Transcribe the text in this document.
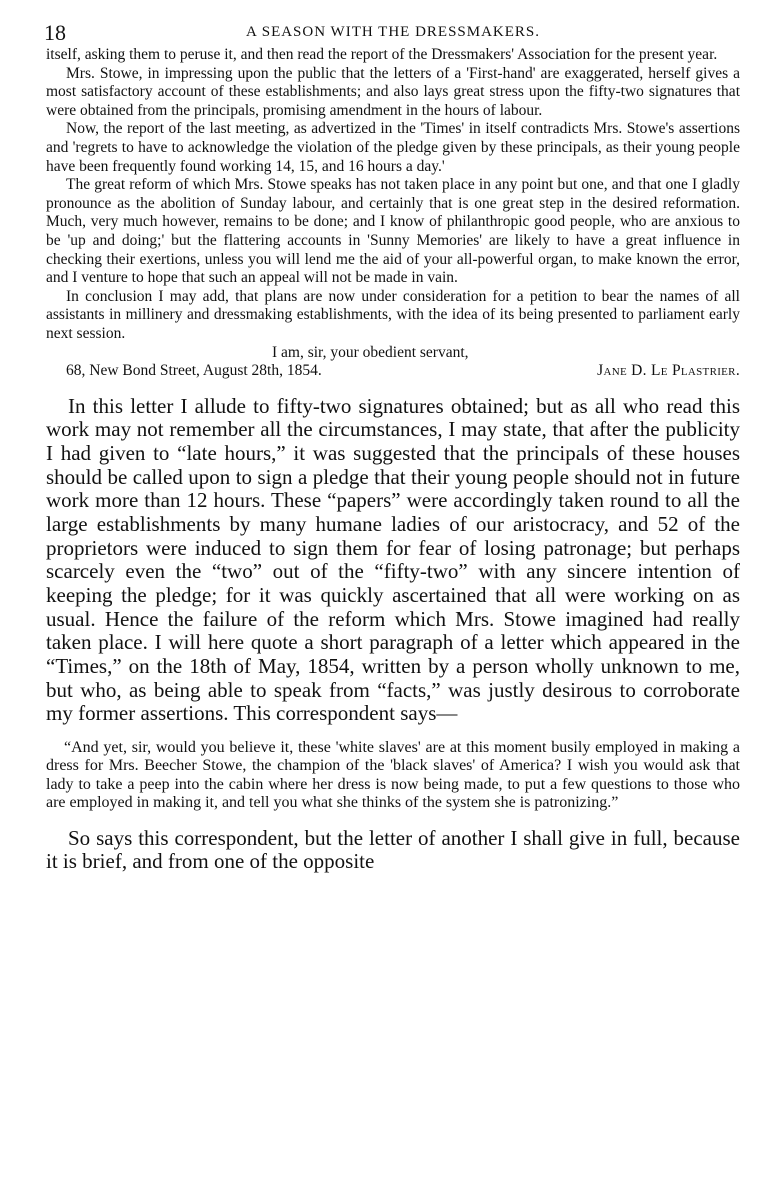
18	A SEASON WITH THE DRESSMAKERS.

itself, asking them to peruse it, and then read the report of the Dressmakers' Association for the present year.

Mrs. Stowe, in impressing upon the public that the letters of a 'First-hand' are exaggerated, herself gives a most satisfactory account of these establishments; and also lays great stress upon the fifty-two signatures that were obtained from the principals, promising amendment in the hours of labour.

Now, the report of the last meeting, as advertized in the 'Times' in itself contradicts Mrs. Stowe's assertions and 'regrets to have to acknowledge the violation of the pledge given by these principals, as their young people have been frequently found working 14, 15, and 16 hours a day.'

The great reform of which Mrs. Stowe speaks has not taken place in any point but one, and that one I gladly pronounce as the abolition of Sunday labour, and certainly that is one great step in the desired reformation. Much, very much however, remains to be done; and I know of philanthropic good people, who are anxious to be 'up and doing;' but the flattering accounts in 'Sunny Memories' are likely to have a great influence in checking their exertions, unless you will lend me the aid of your all-powerful organ, to make known the error, and I venture to hope that such an appeal will not be made in vain.

In conclusion I may add, that plans are now under consideration for a petition to bear the names of all assistants in millinery and dressmaking establishments, with the idea of its being presented to parliament early next session.

I am, sir, your obedient servant,
68, New Bond Street, August 28th, 1854.	Jane D. Le Plastrier.

In this letter I allude to fifty-two signatures obtained; but as all who read this work may not remember all the circumstances, I may state, that after the publicity I had given to “late hours,” it was suggested that the principals of these houses should be called upon to sign a pledge that their young people should not in future work more than 12 hours. These “papers” were accordingly taken round to all the large establishments by many humane ladies of our aristocracy, and 52 of the proprietors were induced to sign them for fear of losing patronage; but perhaps scarcely even the “two” out of the “fifty-two” with any sincere intention of keeping the pledge; for it was quickly ascertained that all were working on as usual. Hence the failure of the reform which Mrs. Stowe imagined had really taken place. I will here quote a short paragraph of a letter which appeared in the “Times,” on the 18th of May, 1854, written by a person wholly unknown to me, but who, as being able to speak from “facts,” was justly desirous to corroborate my former assertions. This correspondent says—

“And yet, sir, would you believe it, these 'white slaves' are at this moment busily employed in making a dress for Mrs. Beecher Stowe, the champion of the 'black slaves' of America? I wish you would ask that lady to take a peep into the cabin where her dress is now being made, to put a few questions to those who are employed in making it, and tell you what she thinks of the system she is patronizing.”

So says this correspondent, but the letter of another I shall give in full, because it is brief, and from one of the opposite
